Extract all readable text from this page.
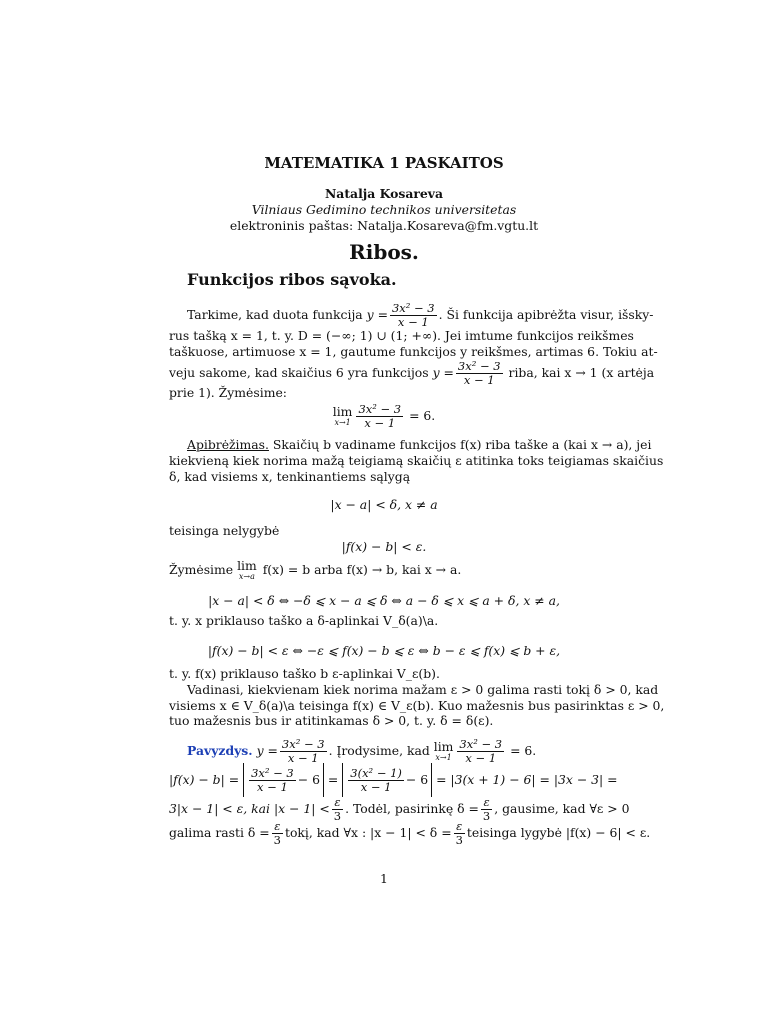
MATEMATIKA 1 PASKAITOS
Natalja Kosareva
Vilniaus Gedimino technikos universitetas
elektroninis paštas: Natalja.Kosareva@fm.vgtu.lt
Ribos.
Funkcijos ribos sąvoka.
Tarkime, kad duota funkcija $y = \frac{\text{3x² − 3}}{x - 1}$ . Ši funkcija apibrėžta visur, išsky-
rus tašką x = 1, t. y. D = (−∞; 1) ∪ (1; +∞). Jei imtume funkcijos reikšmes
taškuose, artimuose x = 1, gautume funkcijos y reikšmes, artimas 6. Tokiu at-
veju sakome, kad skaičius 6 yra funkcijos $y = \frac{\text{3x² − 3}}{x - 1}$ riba, kai x → 1 (x artėja
prie 1). Žymėsime:
lim
$x\to 1 \frac{\text{3x² − 3}}{x - 1} = 6$.
Apibrėžimas. Skaičių b vadiname funkcijos f(x) riba taške a (kai x → a), jei
kiekvieną kiek norima mažą teigiamą skaičių ε atitinka toks teigiamas skaičius
δ, kad visiems x, tenkinantiems sąlygą
|x − a| < δ, x ≠ a
teisinga nelygybė
|f(x) − b| < ε.
Žymėsime lim
x→a f(x) = b arba f(x) → b, kai x → a.
|x − a| < δ ⇔ −δ ⩽ x − a ⩽ δ ⇔ a − δ ⩽ x ⩽ a + δ, x ≠ a,
t. y. x priklauso taško a δ-aplinkai V_δ(a)\a.
|f(x) − b| < ε ⇔ −ε ⩽ f(x) − b ⩽ ε ⇔ b − ε ⩽ f(x) ⩽ b + ε,
t. y. f(x) priklauso taško b ε-aplinkai V_ε(b).
Vadinasi, kiekvienam kiek norima mažam ε > 0 galima rasti tokį δ > 0, kad
visiems x ∈ V_δ(a)\a teisinga f(x) ∈ V_ε(b). Kuo mažesnis bus pasirinktas ε > 0,
tuo mažesnis bus ir atitinkamas δ > 0, t. y. δ = δ(ε).
Pavyzdys. $y = \frac{\text{3x² − 3}}{x - 1}$ . Įrodysime, kad lim
$x\to 1 \frac{\text{3x² − 3}}{x - 1} = 6$.
$|f(x) - b| = \frac{\text{3x² − 3}}{x - 1} - 6 = \frac{\text{3(x² − 1)}}{x - 1} - 6 = |3(x + 1) - 6| = |3x - 3|$ =
3|x − 1| < ε, kai $|x - 1| < \frac{\varepsilon}{3}$ . Todėl, pasirinkę $\delta = \frac{\varepsilon}{3}$ , gausime, kad ∀ε > 0
galima rasti $\delta = \frac{\varepsilon}{3}$ tokį, kad ∀x : $|x - 1| < \delta = \frac{\varepsilon}{3}$ teisinga lygybė |f(x) − 6| < ε.
1
